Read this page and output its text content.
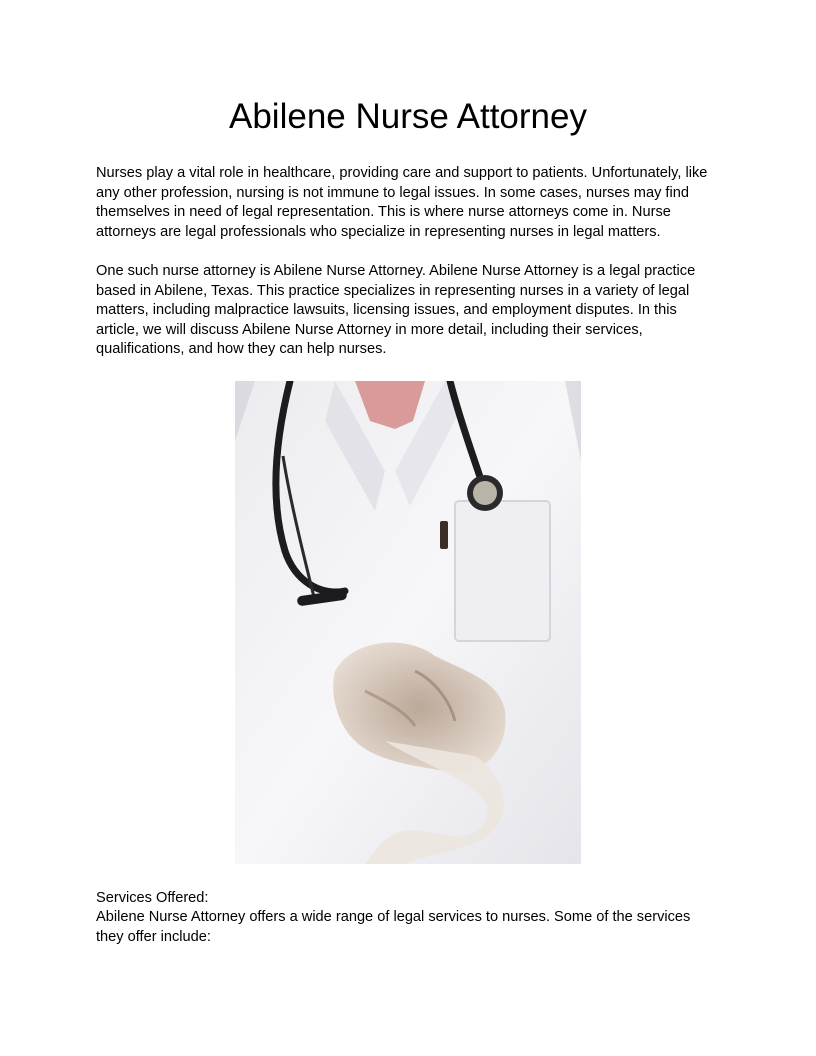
Abilene Nurse Attorney

Nurses play a vital role in healthcare, providing care and support to patients. Unfortunately, like any other profession, nursing is not immune to legal issues. In some cases, nurses may find themselves in need of legal representation. This is where nurse attorneys come in. Nurse attorneys are legal professionals who specialize in representing nurses in legal matters.

One such nurse attorney is Abilene Nurse Attorney. Abilene Nurse Attorney is a legal practice based in Abilene, Texas. This practice specializes in representing nurses in a variety of legal matters, including malpractice lawsuits, licensing issues, and employment disputes. In this article, we will discuss Abilene Nurse Attorney in more detail, including their services, qualifications, and how they can help nurses.

Services Offered:

Abilene Nurse Attorney offers a wide range of legal services to nurses. Some of the services they offer include:
